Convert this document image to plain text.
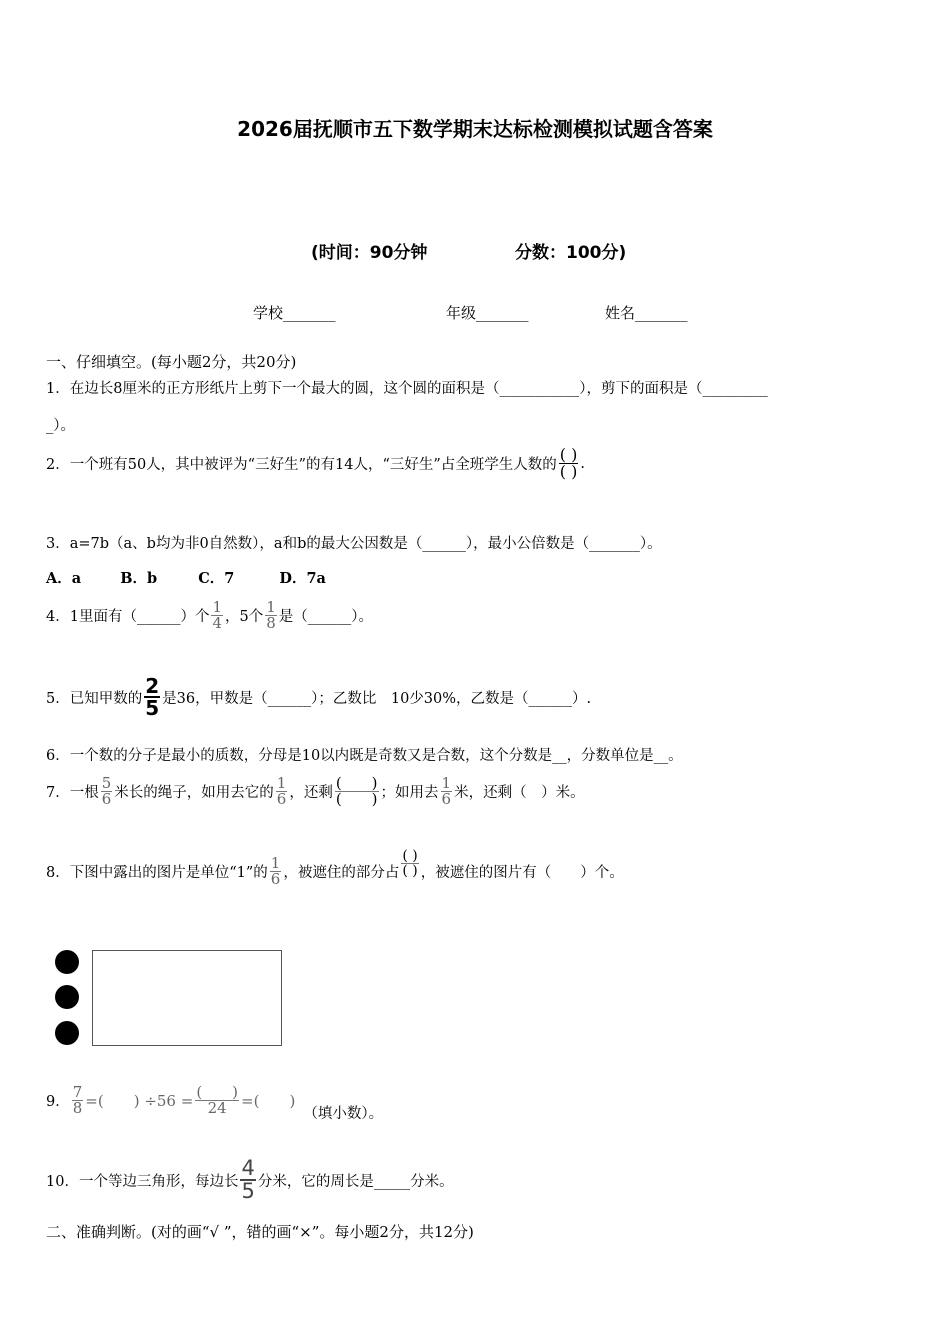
2026届抚顺市五下数学期末达标检测模拟试题含答案
(时间：90分钟	分数：100分)
学校_______	年级_______	姓名_______
一、仔细填空。(每小题2分，共20分)
1．在边长8厘米的正方形纸片上剪下一个最大的圆，这个圆的面积是（___________），剪下的面积是（_________
_）。
2．一个班有50人，其中被评为“三好生”的有14人，“三好生”占全班学生人数的 $\frac{( )}{( )}$ .
3．a=7b（a、b均为非0自然数），a和b的最大公因数是（______），最小公倍数是（_______）。
A．a	B．b	C．7	D．7a
4．1里面有（______）个 $\frac{1}{4}$ ，5个 $\frac{1}{8}$ 是（______）。
5．已知甲数的 $\frac{2}{5}$ 是36，甲数是（______）；乙数比　10少30%，乙数是（______）.
6．一个数的分子是最小的质数，分母是10以内既是奇数又是合数，这个分数是__，分数单位是__。
7．一根 $\frac{5}{6}$ 米长的绳子，如用去它的 $\frac{1}{6}$ ，还剩 $\frac{( )}{( )}$ ；如用去 $\frac{1}{6}$ 米，还剩（　）米。
8．下图中露出的图片是单位“1”的 $\frac{1}{6}$ ，被遮住的部分占 $\frac{( )}{( )}$ ，被遮住的图片有（　　）个。
9． $\frac{7}{8}$ =(　　) $\div 56 = \frac{( )}{24}$ =(　　)
（填小数）。
10．一个等边三角形，每边长 $\frac{4}{5}$ 分米，它的周长是_____分米。
二、准确判断。(对的画“√ ”，错的画“×”。每小题2分，共12分)
